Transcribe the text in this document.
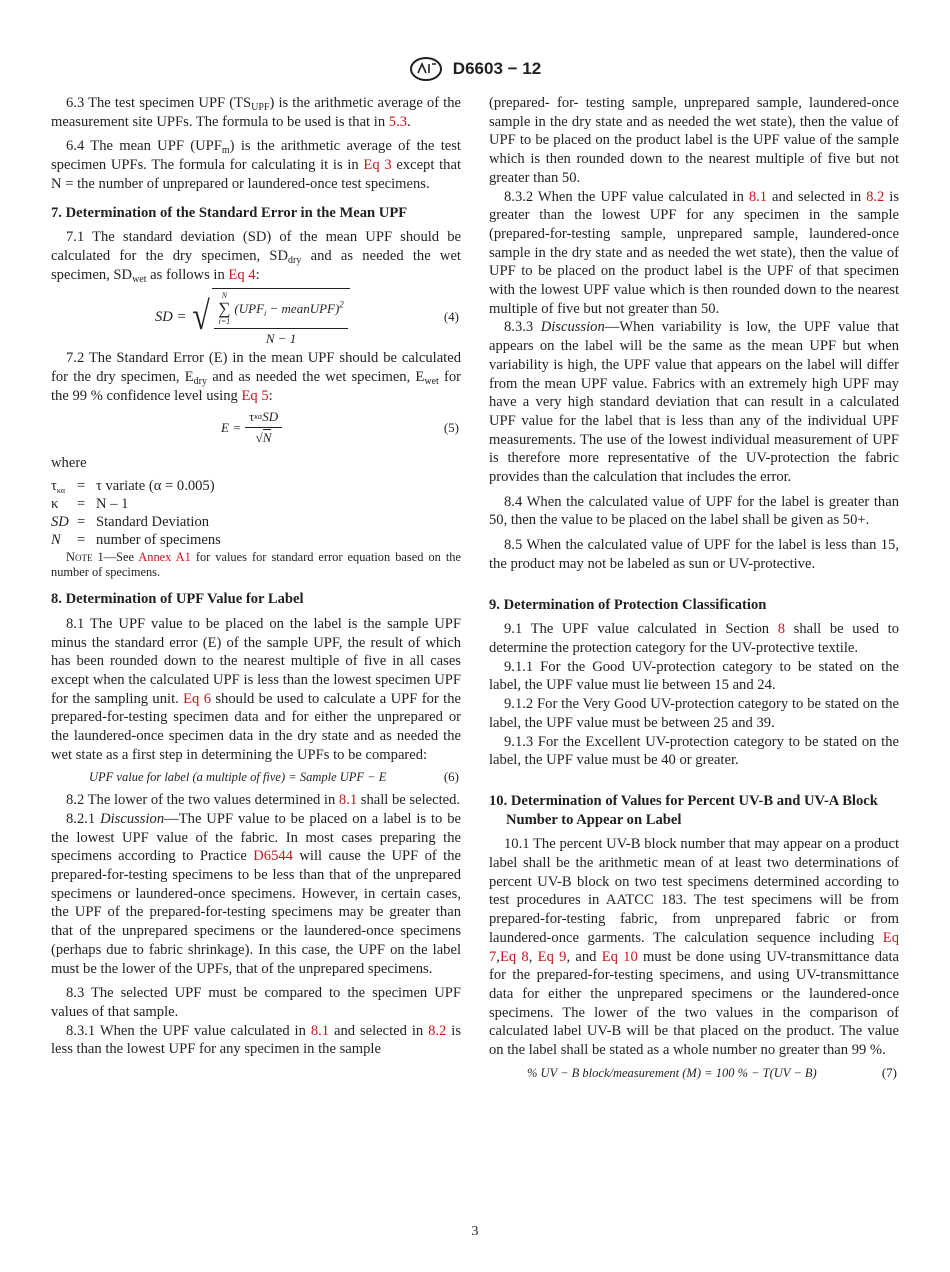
D6603 − 12

6.3 The test specimen UPF $(TS_{UPF})$ is the arithmetic average of the measurement site UPFs. The formula to be used is that in 5.3.

6.4 The mean UPF $(UPF_m)$ is the arithmetic average of the test specimen UPFs. The formula for calculating it is in Eq 3 except that N = the number of unprepared or laundered-once test specimens.

7. Determination of the Standard Error in the Mean UPF

7.1 The standard deviation (SD) of the mean UPF should be calculated for the dry specimen, $SD_{dry}$ and as needed the wet specimen, $SD_{wet}$ as follows in Eq 4:

SD = √ N
∑
i=1
($UPF_i$ − meanUPF)$^2$
N − 1
(4)

7.2 The Standard Error (E) in the mean UPF should be calculated for the dry specimen, $E_{dry}$ and as needed the wet specimen, $E_{wet}$ for the 99 % confidence level using Eq 5:

$E = \frac{\text{τ κα SD}}{√N}$	(5)
where
$\tau_{\kappa\alpha} = \tau$ variate (α = 0.005)
κ	= N – 1
SD = Standard Deviation
N	= number of specimens
Note 1—See Annex A1 for values for standard error equation based on the number of specimens.
8. Determination of UPF Value for Label

8.1 The UPF value to be placed on the label is the sample UPF minus the standard error (E) of the sample UPF, the result of which has been rounded down to the nearest multiple of five in all cases except when the calculated UPF is less than the lowest specimen UPF for the sampling unit. Eq 6 should be used to calculate a UPF for the prepared-for-testing specimen data and for either the unprepared or the laundered-once specimen data in the dry state and as needed the wet state as a first step in determining the UPFs to be compared:

UPF value for label (a multiple of five) = Sample UPF − E	(6)

8.2 The lower of the two values determined in 8.1 shall be selected.

8.2.1 Discussion—The UPF value to be placed on a label is to be the lowest UPF value of the fabric. In most cases preparing the specimens according to Practice D6544 will cause the UPF of the prepared-for-testing specimens to be less than that of the unprepared specimens or laundered-once specimens. However, in certain cases, the UPF of the prepared-for-testing specimens may be greater than that of the unprepared specimens or the laundered-once specimens (perhaps due to fabric shrinkage). In this case, the UPF on the label must be the lower of the UPFs, that of the unprepared specimens.

8.3 The selected UPF must be compared to the specimen UPF values of that sample.

8.3.1 When the UPF value calculated in 8.1 and selected in 8.2 is less than the lowest UPF for any specimen in the sample

(prepared- for- testing sample, unprepared sample, laundered-once sample in the dry state and as needed the wet state), then the value of UPF to be placed on the product label is the UPF value of the sample which is then rounded down to the nearest multiple of five but not greater than 50.

8.3.2 When the UPF value calculated in 8.1 and selected in 8.2 is greater than the lowest UPF for any specimen in the sample (prepared-for-testing sample, unprepared sample, laundered-once sample in the dry state and as needed the wet state), then the value of UPF to be placed on the product label is the UPF of that specimen with the lowest UPF value which is then rounded down to the nearest multiple of five but not greater than 50.

8.3.3 Discussion—When variability is low, the UPF value that appears on the label will be the same as the mean UPF but when variability is high, the UPF value that appears on the label will differ from the mean UPF value. Fabrics with an extremely high UPF may have a very high standard deviation that can result in a calculated UPF value for the label that is less than any of the individual UPF measurements. The use of the lowest individual measurement of UPF is therefore more representative of the UV-protection the fabric provides than the calculation that includes the error.

8.4 When the calculated value of UPF for the label is greater than 50, then the value to be placed on the label shall be given as 50+.

8.5 When the calculated value of UPF for the label is less than 15, the product may not be labeled as sun or UV-protective.

9. Determination of Protection Classification

9.1 The UPF value calculated in Section 8 shall be used to determine the protection category for the UV-protective textile.

9.1.1 For the Good UV-protection category to be stated on the label, the UPF value must lie between 15 and 24.

9.1.2 For the Very Good UV-protection category to be stated on the label, the UPF value must be between 25 and 39.

9.1.3 For the Excellent UV-protection category to be stated on the label, the UPF value must be 40 or greater.

10. Determination of Values for Percent UV-B and UV-A Block Number to Appear on Label

10.1 The percent UV-B block number that may appear on a product label shall be the arithmetic mean of at least two determinations of percent UV-B block on two test specimens determined according to test procedures in AATCC 183. The test specimens will be from prepared-for-testing fabric, from unprepared fabric or from laundered-once garments. The calculation sequence including Eq 7,Eq 8, Eq 9, and Eq 10 must be done using UV-transmittance data for the prepared-for-testing specimens, and using UV-transmittance data for either the unprepared specimens or the laundered-once specimens. The lower of the two values in the comparison of calculated label UV-B will be that placed on the product. The value on the label shall be stated as a whole number no greater than 99 %.

% UV − B block/measurement (M) = 100 % − T(UV − B)	(7)
3
